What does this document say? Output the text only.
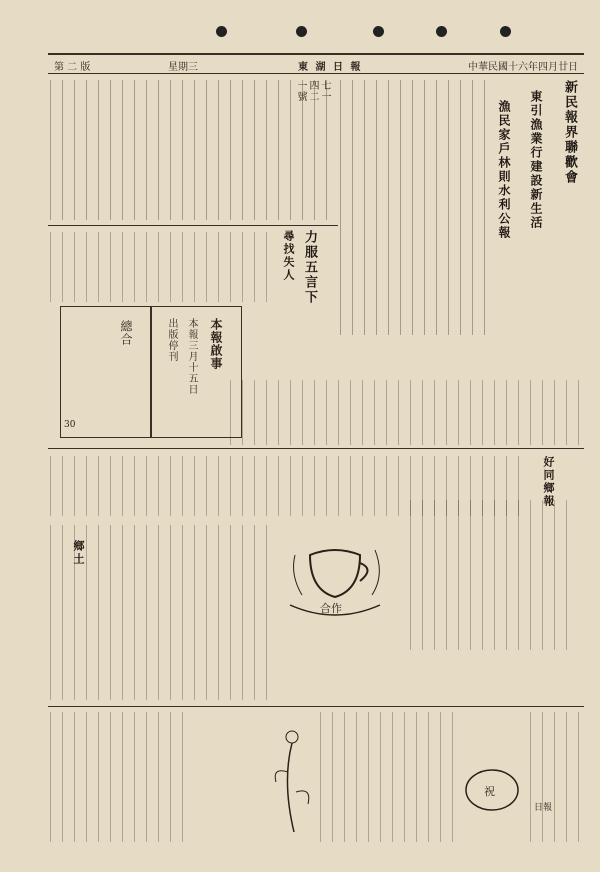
第 二 版	星期三	東 湖 日 報	中華民國十六年四月廿日
新民報界聯歡會
東引漁業行建設新生活
漁民家戶林則水利公報
七一四二一號
力服五言下
尋找失人
總合
30
本報啟事
本報三月十五日
出版停刊
好同鄉報
合作
鄉土
祝
日報
